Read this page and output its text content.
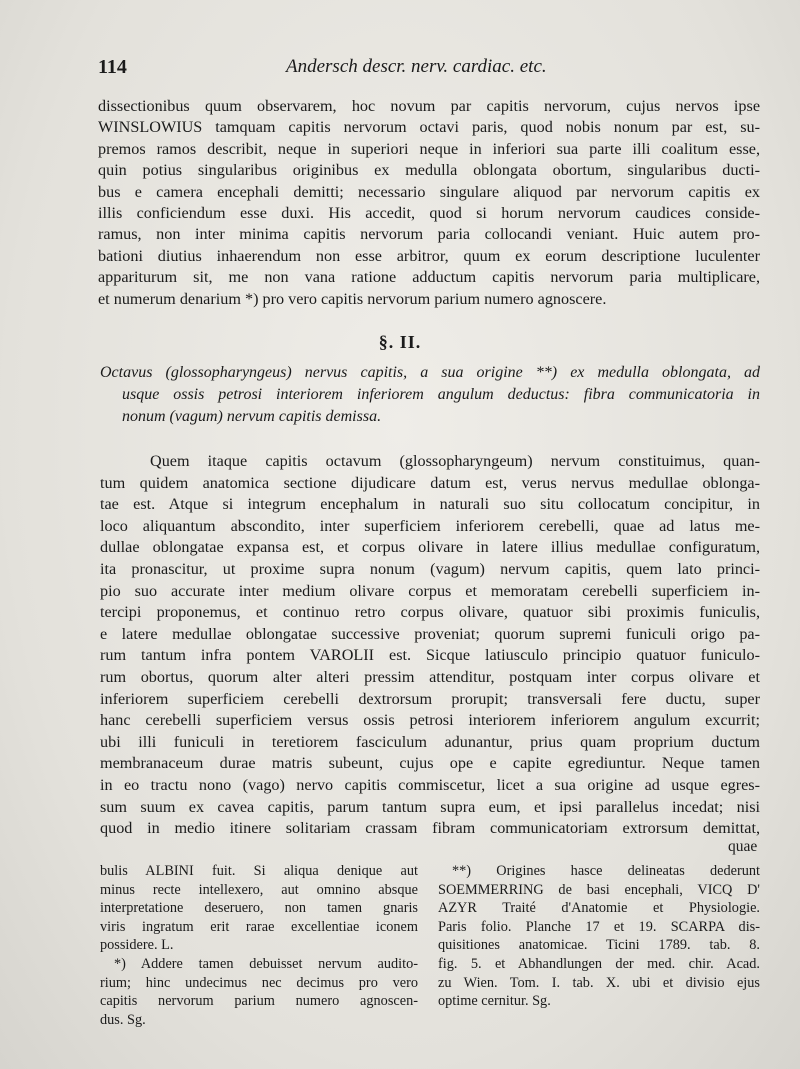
114	Andersch descr. nerv. cardiac. etc.
dissectionibus quum observarem, hoc novum par capitis nervorum, cujus nervos ipse
WINSLOWIUS tamquam capitis nervorum octavi paris, quod nobis nonum par est, su-
premos ramos describit, neque in superiori neque in inferiori sua parte illi coalitum esse,
quin potius singularibus originibus ex medulla oblongata obortum, singularibus ducti-
bus e camera encephali demitti; necessario singulare aliquod par nervorum capitis ex
illis conficiendum esse duxi. His accedit, quod si horum nervorum caudices conside-
ramus, non inter minima capitis nervorum paria collocandi veniant. Huic autem pro-
bationi diutius inhaerendum non esse arbitror, quum ex eorum descriptione luculenter
appariturum sit, me non vana ratione adductum capitis nervorum paria multiplicare,
et numerum denarium *) pro vero capitis nervorum parium numero agnoscere.
§. II.
Octavus (glossopharyngeus) nervus capitis, a sua origine **) ex medulla oblongata, ad
usque ossis petrosi interiorem inferiorem angulum deductus: fibra communicatoria in
nonum (vagum) nervum capitis demissa.
Quem itaque capitis octavum (glossopharyngeum) nervum constituimus, quan-
tum quidem anatomica sectione dijudicare datum est, verus nervus medullae oblonga-
tae est. Atque si integrum encephalum in naturali suo situ collocatum concipitur, in
loco aliquantum abscondito, inter superficiem inferiorem cerebelli, quae ad latus me-
dullae oblongatae expansa est, et corpus olivare in latere illius medullae configuratum,
ita pronascitur, ut proxime supra nonum (vagum) nervum capitis, quem lato princi-
pio suo accurate inter medium olivare corpus et memoratam cerebelli superficiem in-
tercipi proponemus, et continuo retro corpus olivare, quatuor sibi proximis funiculis,
e latere medullae oblongatae successive proveniat; quorum supremi funiculi origo pa-
rum tantum infra pontem VAROLII est. Sicque latiusculo principio quatuor funiculo-
rum obortus, quorum alter alteri pressim attenditur, postquam inter corpus olivare et
inferiorem superficiem cerebelli dextrorsum prorupit; transversali fere ductu, super
hanc cerebelli superficiem versus ossis petrosi interiorem inferiorem angulum excurrit;
ubi illi funiculi in teretiorem fasciculum adunantur, prius quam proprium ductum
membranaceum durae matris subeunt, cujus ope e capite egrediuntur. Neque tamen
in eo tractu nono (vago) nervo capitis commiscetur, licet a sua origine ad usque egres-
sum suum ex cavea capitis, parum tantum supra eum, et ipsi parallelus incedat; nisi
quod in medio itinere solitariam crassam fibram communicatoriam extrorsum demittat,
quae
bulis ALBINI fuit. Si aliqua denique aut
minus recte intellexero, aut omnino absque
interpretatione deseruero, non tamen gnaris
viris ingratum erit rarae excellentiae iconem
possidere. L.
*) Addere tamen debuisset nervum audito-
rium; hinc undecimus nec decimus pro vero
capitis nervorum parium numero agnoscen-
dus. Sg.
**) Origines hasce delineatas dederunt
SOEMMERRING de basi encephali, VICQ D'
AZYR Traité d'Anatomie et Physiologie.
Paris folio. Planche 17 et 19. SCARPA dis-
quisitiones anatomicae. Ticini 1789. tab. 8.
fig. 5. et Abhandlungen der med. chir. Acad.
zu Wien. Tom. I. tab. X. ubi et divisio ejus
optime cernitur. Sg.
